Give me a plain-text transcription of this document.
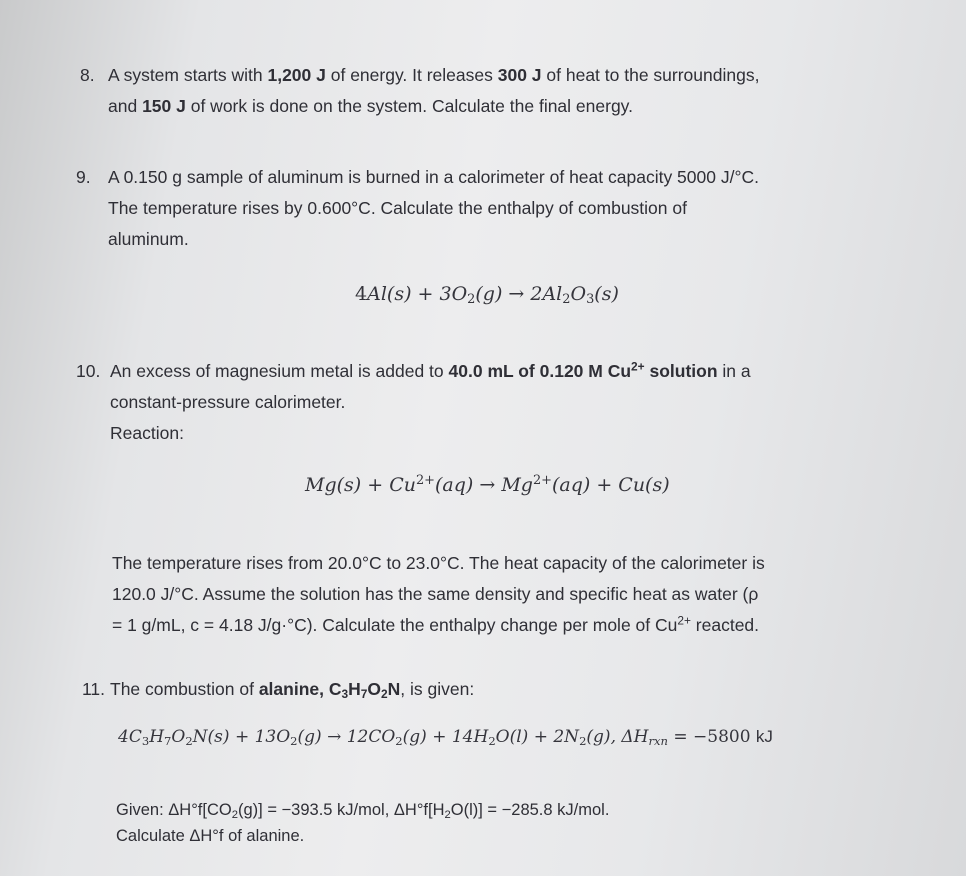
8. A system starts with 1,200 J of energy. It releases 300 J of heat to the surroundings,
and 150 J of work is done on the system. Calculate the final energy.
9. A 0.150 g sample of aluminum is burned in a calorimeter of heat capacity 5000 J/°C.
The temperature rises by 0.600°C. Calculate the enthalpy of combustion of
aluminum.
$4Al(s) + 3O_2(g) \to 2Al_2O_3(s)$
10. An excess of magnesium metal is added to 40.0 mL of 0.120 M $Cu^{2+}$ solution in a
constant-pressure calorimeter.
Reaction:
$Mg(s) + Cu^{2+}(aq) \to Mg^{2+}(aq) + Cu(s)$
The temperature rises from 20.0°C to 23.0°C. The heat capacity of the calorimeter is
120.0 J/°C. Assume the solution has the same density and specific heat as water (ρ
= 1 g/mL, c = 4.18 J/g·°C). Calculate the enthalpy change per mole of $Cu^{2+}$ reacted.
11. The combustion of alanine, $C_3H_7O_2N$, is given:
$4C_3H_7O_2N(s) + 13O_2(g) \to 12CO_2(g) + 14H_2O(l) + 2N_2(g)$, $\Delta H_{rxn} = -5800$ kJ
Given: $\Delta H^\circ f[CO_2(g)] = -393.5$ kJ/mol, $\Delta H^\circ f[H_2O(l)] = -285.8$ kJ/mol.
Calculate ΔH°f of alanine.
